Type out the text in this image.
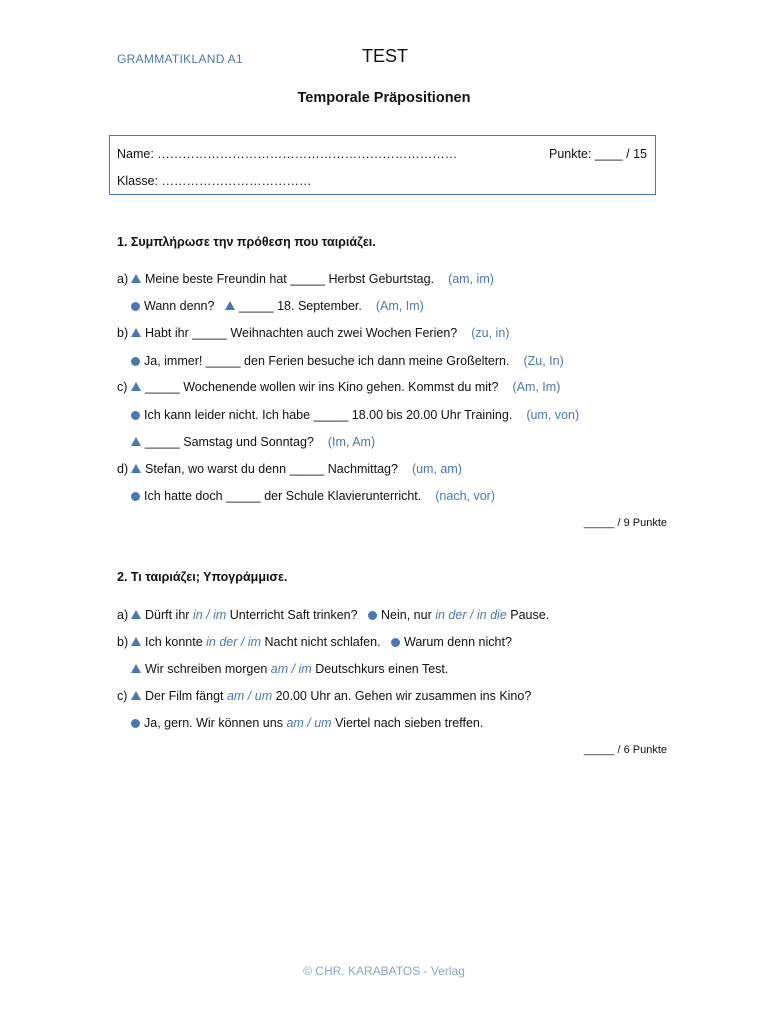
GRAMMATIKLAND A1	TEST
Temporale Präpositionen
Name: ………………………………………………………………
Klasse: ………………………………
Punkte: ____ / 15
1. Συμπλήρωσε την πρόθεση που ταιριάζει.
a) Meine beste Freundin hat _____ Herbst Geburtstag. (am, im)
Wann denn? _____ 18. September. (Am, Im)
b) Habt ihr _____ Weihnachten auch zwei Wochen Ferien? (zu, in)
Ja, immer! _____ den Ferien besuche ich dann meine Großeltern. (Zu, In)
c) _____ Wochenende wollen wir ins Kino gehen. Kommst du mit? (Am, Im)
Ich kann leider nicht. Ich habe _____ 18.00 bis 20.00 Uhr Training. (um, von)
_____ Samstag und Sonntag? (Im, Am)
d) Stefan, wo warst du denn _____ Nachmittag? (um, am)
Ich hatte doch _____ der Schule Klavierunterricht. (nach, vor)
_____ / 9 Punkte
2. Τι ταιριάζει; Υπογράμμισε.
a) Dürft ihr in / im Unterricht Saft trinken? Nein, nur in der / in die Pause.
b) Ich konnte in der / im Nacht nicht schlafen. Warum denn nicht?
Wir schreiben morgen am / im Deutschkurs einen Test.
c) Der Film fängt am / um 20.00 Uhr an. Gehen wir zusammen ins Kino?
Ja, gern. Wir können uns am / um Viertel nach sieben treffen.
_____ / 6 Punkte
© CHR. KARABATOS - Verlag
